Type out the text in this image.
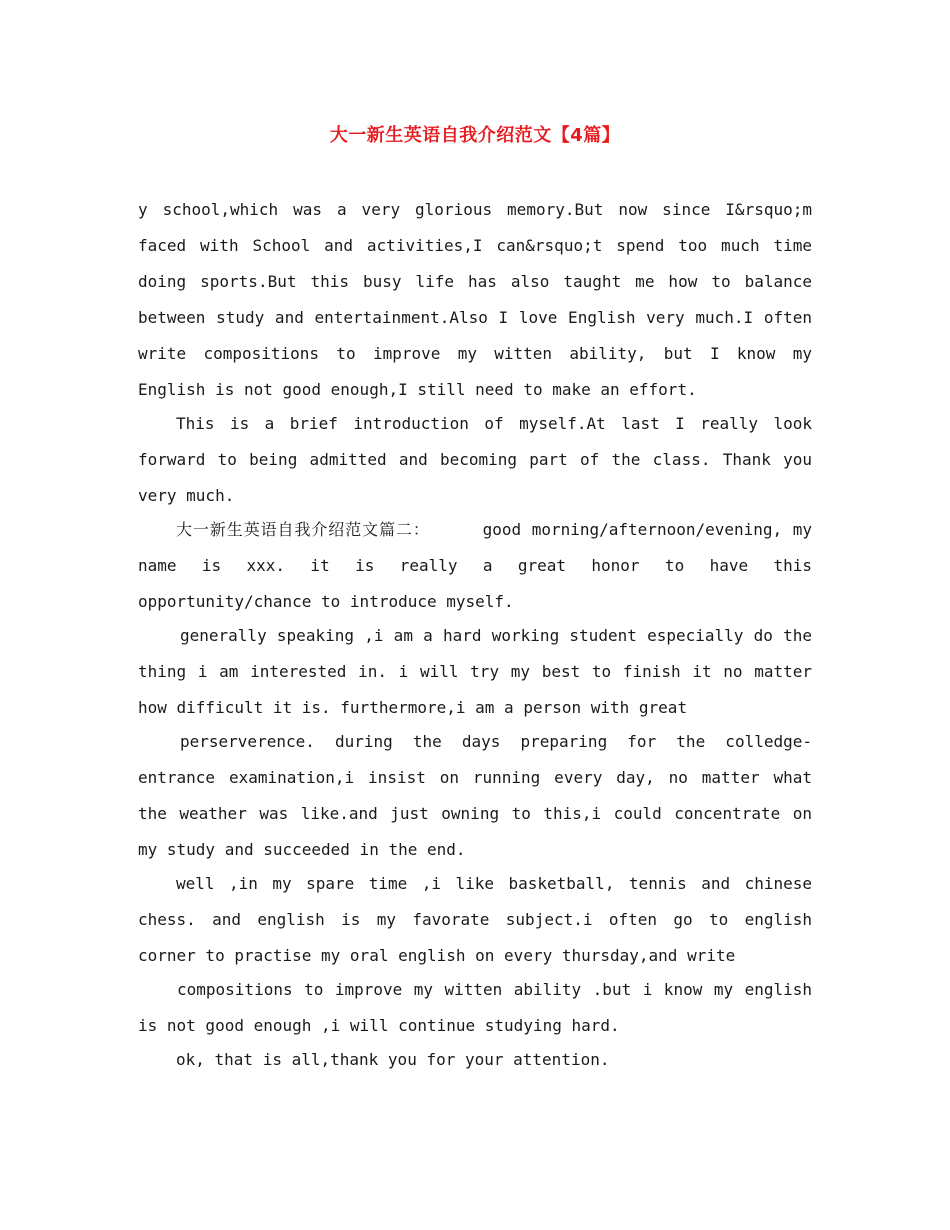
大一新生英语自我介绍范文【4篇】

y school,which was a very glorious memory.But now since I&rsquo;m faced with School and activities,I can&rsquo;t spend too much time doing sports.But this busy life has also taught me how to balance between study and entertainment.Also I love English very much.I often write compositions to improve my witten ability, but I know my English is not good enough,I still need to make an effort.

This is a brief introduction of myself.At last I really look forward to being admitted and becoming part of the class. Thank you very much.

大一新生英语自我介绍范文篇二：	good morning/afternoon/evening, my name is xxx. it is really a great honor to have this opportunity/chance to introduce myself.

generally speaking ,i am a hard working student especially do the thing i am interested in. i will try my best to finish it no matter how difficult it is. furthermore,i am a person with great

perserverence. during the days preparing for the colledge-entrance examination,i insist on running every day, no matter what the weather was like.and just owning to this,i could concentrate on my study and succeeded in the end.

well ,in my spare time ,i like basketball, tennis and chinese chess. and english is my favorate subject.i often go to english corner to practise my oral english on every thursday,and write

compositions to improve my witten ability .but i know my english is not good enough ,i will continue studying hard.

ok, that is all,thank you for your attention.
